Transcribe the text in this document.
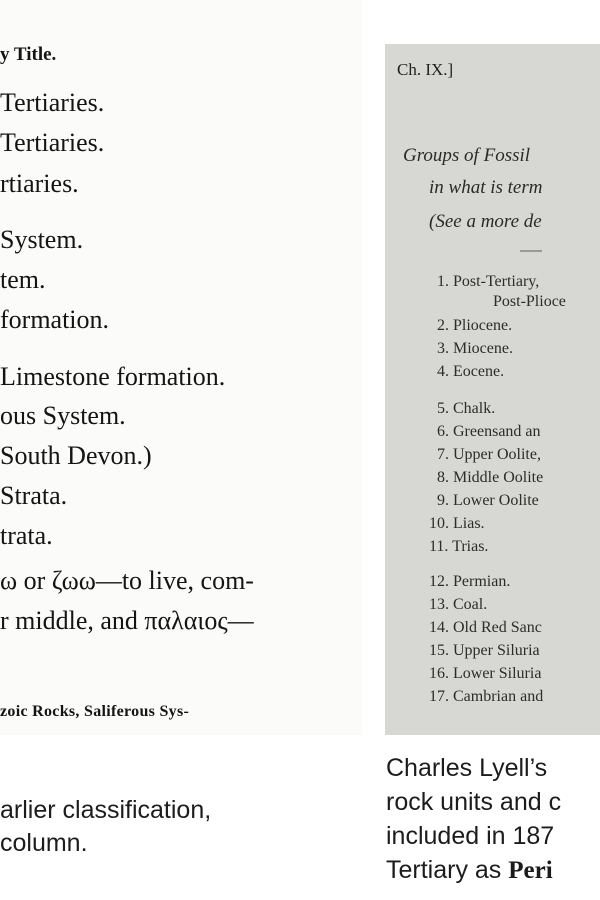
y Title.
Tertiaries.
Tertiaries.
rtiaries.
System.
tem.
formation.
Limestone formation.
ous System.
South Devon.)
Strata.
trata.
ω or ζωω—to live, com-
r middle, and παλαιος—
zoic Rocks, Saliferous Sys-
Ch. IX.]
Groups of Fossil
in what is term
(See a more de
1. Post-Tertiary,
Post-Plioce
2. Pliocene.
3. Miocene.
4. Eocene.
5. Chalk.
6. Greensand an
7. Upper Oolite,
8. Middle Oolite
9. Lower Oolite
10. Lias.
11. Trias.
12. Permian.
13. Coal.
14. Old Red Sanc
15. Upper Siluria
16. Lower Siluria
17. Cambrian and
arlier classification,
column.
Charles Lyell’s
rock units and c
included in 187
Tertiary as Peri
